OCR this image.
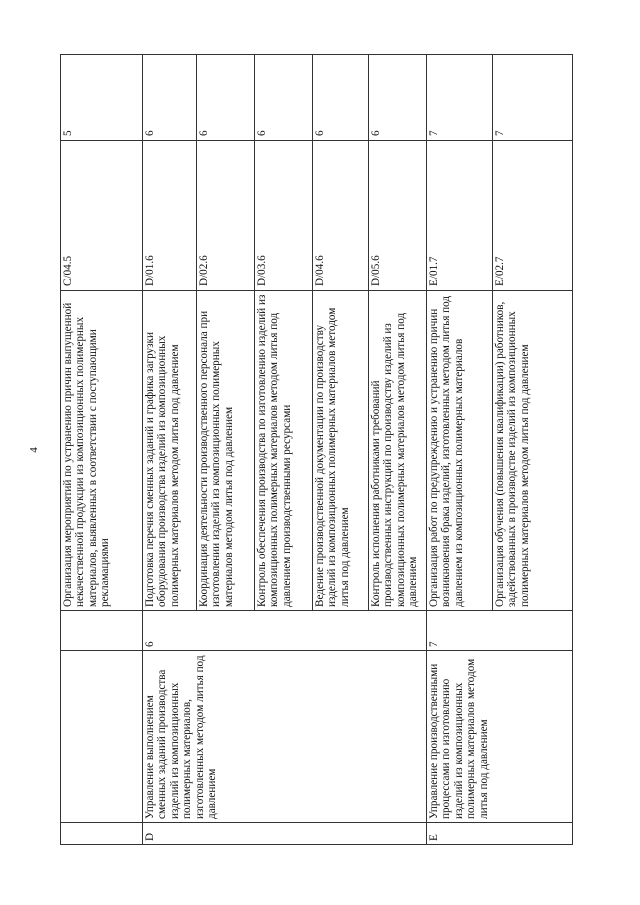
4
				Организация мероприятий по устранению причин выпущенной некачественной продукции из композиционных полимерных материалов, выявленных в соответствии с поступающими рекламациями	C/04.5	5
D	Управление выполнением сменных заданий производства изделий из композиционных полимерных материалов, изготовленных методом литья под давлением	6	Подготовка перечня сменных заданий и графика загрузки оборудования производства изделий из композиционных полимерных материалов методом литья под давлением	D/01.6	6
			Координация деятельности производственного персонала при изготовлении изделий из композиционных полимерных материалов методом литья под давлением	D/02.6	6
			Контроль обеспечения производства по изготовлению изделий из композиционных полимерных материалов методом литья под давлением производственными ресурсами	D/03.6	6
			Ведение производственной документации по производству изделий из композиционных полимерных материалов методом литья под давлением	D/04.6	6
			Контроль исполнения работниками требований производственных инструкций по производству изделий из композиционных полимерных материалов методом литья под давлением	D/05.6	6
E	Управление производственными процессами по изготовлению изделий из композиционных полимерных материалов методом литья под давлением	7	Организация работ по предупреждению и устранению причин возникновения брака изделий, изготовленных методом литья под давлением из композиционных полимерных материалов	E/01.7	7
			Организация обучения (повышения квалификации) работников, задействованных в производстве изделий из композиционных полимерных материалов методом литья под давлением	E/02.7	7
